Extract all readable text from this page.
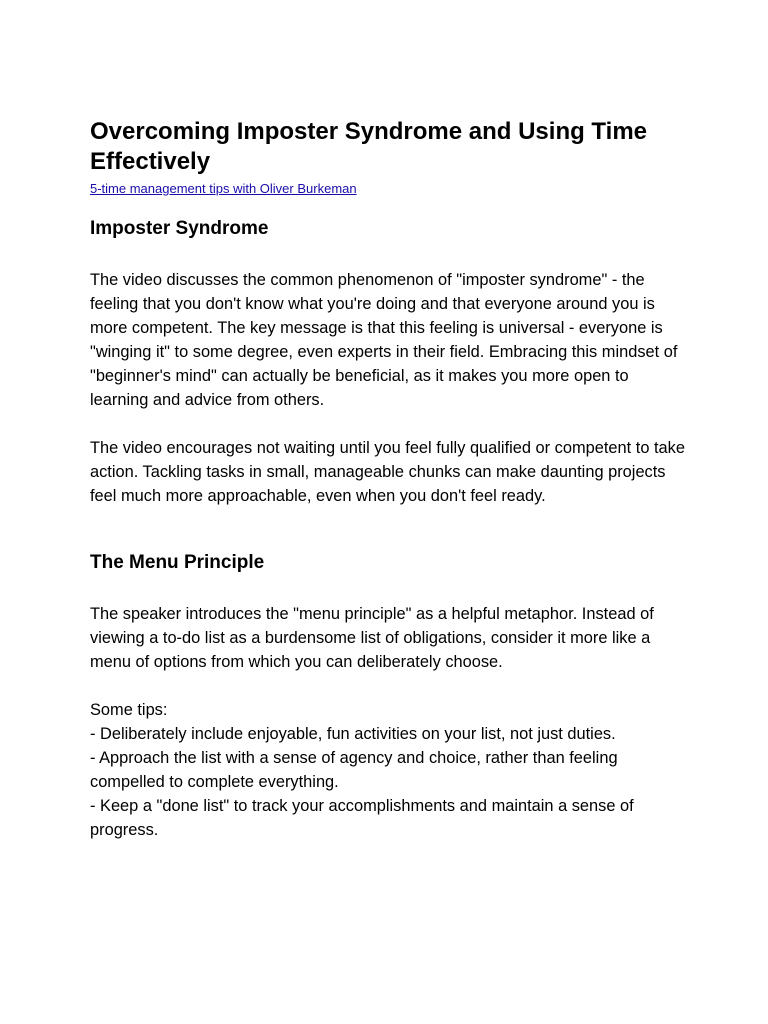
Overcoming Imposter Syndrome and Using Time Effectively
5-time management tips with Oliver Burkeman
Imposter Syndrome

The video discusses the common phenomenon of "imposter syndrome" - the feeling that you don't know what you're doing and that everyone around you is more competent. The key message is that this feeling is universal - everyone is "winging it" to some degree, even experts in their field. Embracing this mindset of "beginner's mind" can actually be beneficial, as it makes you more open to learning and advice from others.

The video encourages not waiting until you feel fully qualified or competent to take action. Tackling tasks in small, manageable chunks can make daunting projects feel much more approachable, even when you don't feel ready.

The Menu Principle

The speaker introduces the "menu principle" as a helpful metaphor. Instead of viewing a to-do list as a burdensome list of obligations, consider it more like a menu of options from which you can deliberately choose.

Some tips:
- Deliberately include enjoyable, fun activities on your list, not just duties.
- Approach the list with a sense of agency and choice, rather than feeling compelled to complete everything.
- Keep a "done list" to track your accomplishments and maintain a sense of progress.
